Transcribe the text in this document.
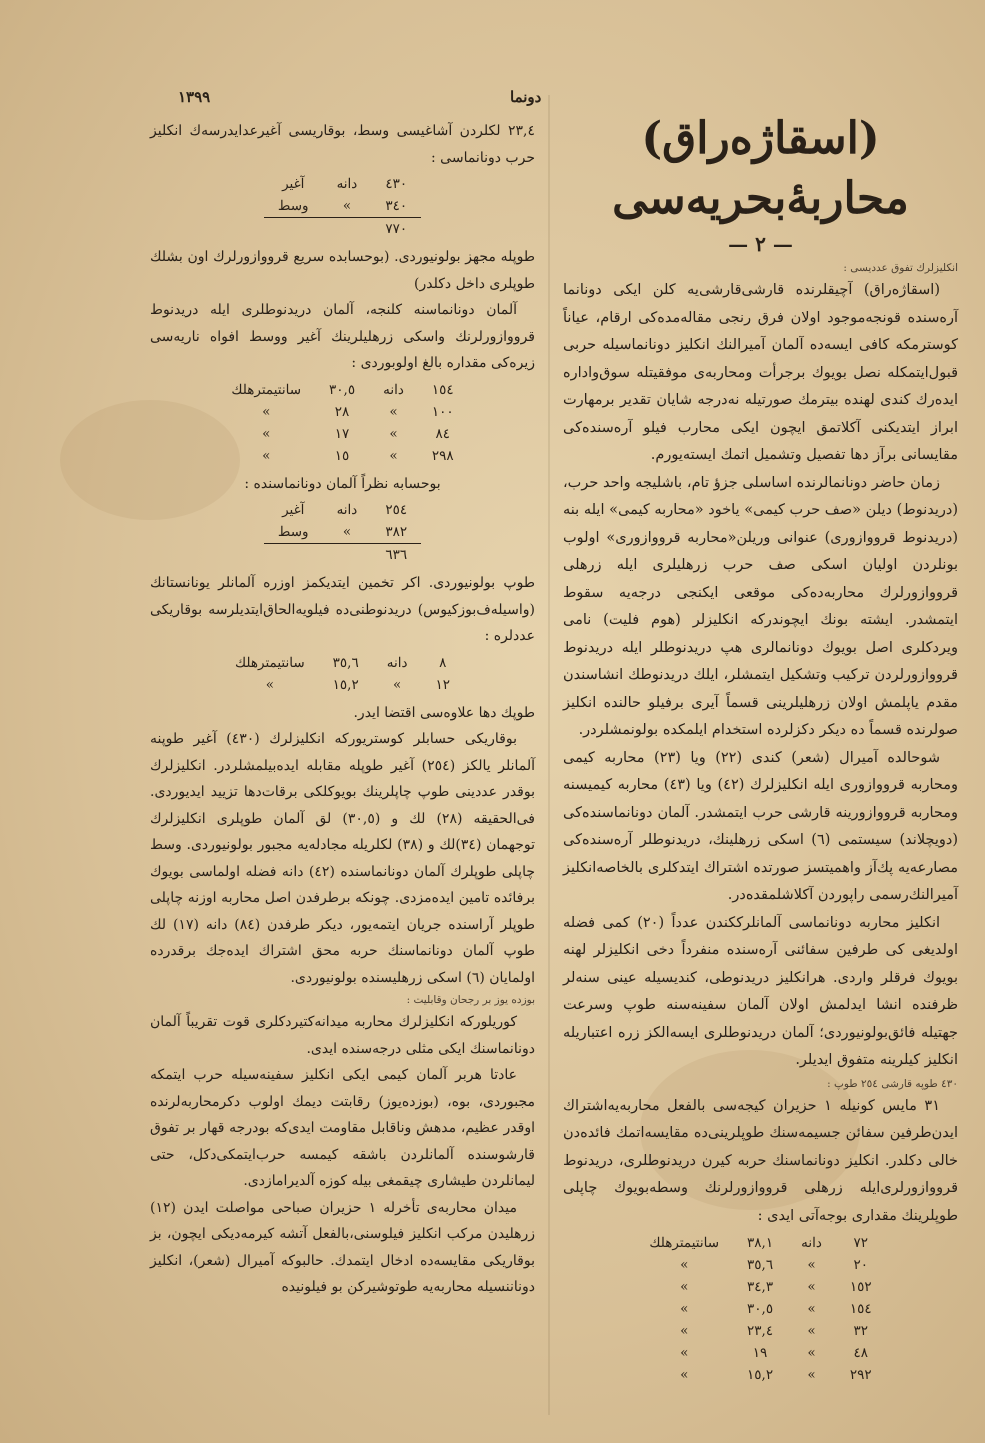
١٣٩٩	دونما
(اسقاژه‌راق) محاربۀبحریه‌سی
— ٢ —
انکلیزلرك تفوق عددیسی :

(اسقاژه‌راق) آچیقلرنده قارشی‌قارشی‌یه کلن ایکی دونانما آره‌سنده قونجه‌موجود اولان فرق رنجی مقاله‌مده‌کی ارقام، عیاناً کوسترمکه کافی ایسه‌ده آلمان آمیرالنك انکلیز دونانماسیله حربی قبول‌ایتمکله نصل بویوك برجرأت ومحاربه‌ی موفقیتله سوق‌واداره ایده‌رك کندی لهنده بیترمك صورتیله نه‌درجه شایان تقدیر برمهارت ابراز ایتدیکنی آکلاتمق ایچون ایکی محارب فیلو آره‌سنده‌کی مقایسانی برآز دها تفصیل وتشمیل اتمك ایسته‌یورم.

زمان حاضر دونانمالرنده اساسلی جزؤ تام، باشلیجه واحد حرب، (دریدنوط) دیلن «صف حرب کیمی» یاخود «محاربه کیمی» ایله بنه (دریدنوط قرووازوری) عنوانی وریلن«محاربه قرووازوری» اولوب بونلردن اولیان اسکی صف حرب زرهلیلری ایله زرهلی قرووازورلرك محاربه‌ده‌کی موقعی ایکنجی درجه‌یه سقوط ایتمشدر. ایشته بونك ایچوندرکه انکلیزلر (هوم فلیت) نامی ویردکلری اصل بویوك دونانمالری هپ دریدنوطلر ایله دریدنوط قرووازورلردن ترکیب وتشکیل ایتمشلر، ایلك دریدنوطك انشاسندن مقدم یاپلمش اولان زرهلیلرینی قسماً آیری برفیلو حالنده انکلیز صولرنده قسماً ده دیکر دکزلرده استخدام ایلمکده بولونمشلردر.

شوحالده آمیرال (شعر) کندی (٢٢) ویا (٢٣) محاربه کیمی ومحاربه قرووازوری ایله انکلیزلرك (٤٢) ویا (٤٣) محاربه کیمیسنه ومحاربه قرووازورینه قارشی حرب ایتمشدر. آلمان دونانماسنده‌کی (دویچلاند) سیستمی (٦) اسکی زرهلینك، دریدنوطلر آره‌سنده‌کی مصارعه‌یه پك‌آز واهمیتسز صورتده اشتراك ایتدکلری بالخاصه‌انکلیز آمیرالنك‌رسمی راپوردن آکلاشلمقده‌در.

انکلیز محاربه دونانماسی آلمانلرککندن عدداً (٢٠) کمی فضله اولدیغی کی طرفین سفائنی آره‌سنده منفرداً دخی انکلیزلر لهنه بویوك فرقلر واردی. هرانکلیز دریدنوطی، کندیسیله عینی سنه‌لر ظرفنده انشا ایدلمش اولان آلمان سفینه‌سنه طوپ وسرعت جهتیله فائق‌بولونیوردی؛ آلمان دریدنوطلری ایسه‌الکز زره اعتباریله انکلیز کیلرینه متفوق ایدیلر.

٤٣٠ طوپه قارشی ٢٥٤ طوپ :

٣١ مایس کونیله ١ حزیران کیجه‌سی بالفعل محاربه‌یه‌اشتراك ایدن‌طرفین سفائن جسیمه‌سنك طوپلرینی‌ده مقایسه‌اتمك فائده‌دن خالی دکلدر. انکلیز دونانماسنك حربه کیرن دریدنوطلری، دریدنوط قرووازورلری‌ایله زرهلی قرووازورلرنك وسطه‌بویوك چاپلی طوپلرینك مقداری بوجه‌آتی ایدی :

٧٢	دانه	٣٨,١	سانتیمترهلك
٢٠	»	٣٥,٦	»
١٥٢	»	٣٤,٣	»
١٥٤	»	٣٠,٥	»
٣٢	»	٢٣,٤	»
٤٨	»	١٩	»
٢٩٢	»	١٥,٢	»

٢٣,٤ لکلردن آشاغیسی وسط، بوقاریسی آغیرعدایدرسه‌ك انکلیز حرب دونانماسی :

٤٣٠	دانه	آغیر
٣٤٠	»	وسط
٧٧٠		

طوپله مجهز بولونیوردی. (بوحسابده سریع قرووازورلرك اون بشلك طوپلری داخل دکلدر)

آلمان دونانماسنه کلنجه، آلمان دریدنوطلری ایله دریدنوط قرووازورلرنك واسکی زرهلیلرینك آغیر ووسط افواه ناریه‌سی زیره‌کی مقداره بالغ اولوبوردی :

١٥٤	دانه	٣٠,٥	سانتیمترهلك
١٠٠	»	٢٨	»
٨٤	»	١٧	»
٢٩٨	»	١٥	»

بوحسابه نظراً آلمان دونانماسنده :

٢٥٤	دانه	آغیر
٣٨٢	»	وسط
٦٣٦		

طوپ بولونیوردی. اکر تخمین ایتدیکمز اوزره آلمانلر یونانستانك (واسیله‌ف‌بوزکیوس) دریدنوطنی‌ده فیلویه‌الحاق‌ایتدیلرسه بوقاریکی عددلره :

٨	دانه	٣٥,٦	سانتیمترهلك
١٢	»	١٥,٢	»

طوپك دها علاوه‌سی اقتضا ایدر.

بوقاریکی حسابلر کوستریورکه انکلیزلرك (٤٣٠) آغیر طوپنه آلمانلر یالکز (٢٥٤) آغیر طوپله مقابله ایده‌بیلمشلردر. انکلیزلرك بوقدر عددینی طوپ چاپلرینك بویوکلکی برقات‌دها تزیید ایدیوردی. فی‌الحقیقه (٢٨) لك و (٣٠,٥) لق آلمان طوپلری انکلیزلرك توجهمان (٣٤)لك و (٣٨) لکلریله مجادله‌یه مجبور بولونیوردی. وسط چاپلی طوپلرك آلمان دونانماسنده (٤٢) دانه فضله اولماسی بویوك برفائده تامین ایده‌مزدی. چونکه برطرفدن اصل محاربه اوزنه چاپلی طوپلر آراسنده جریان ایتمه‌یور، دیکر طرفدن (٨٤) دانه (١٧) لك طوپ آلمان دونانماسنك حربه محق اشتراك ایده‌جك برقدرده اولمایان (٦) اسکی زرهلیسنده بولونیوردی.

بوزده یوز بر رجحان وقابلیت :

کوریلورکه انکلیزلرك محاربه میدانه‌کتیردکلری قوت تقریباً آلمان دونانماسنك ایکی مثلی درجه‌سنده ایدی.

عادتا هربر آلمان کیمی ایکی انکلیز سفینه‌سیله حرب ایتمکه مجبوردی، بوه، (بوزده‌یوز) رقابتت دیمك اولوب دکرمحاربه‌لرنده اوقدر عظیم، مدهش وناقابل مقاومت ایدی‌که بودرجه قهار بر تفوق قارشوسنده آلمانلردن باشقه کیمسه حرب‌ایتمکی‌دکل، حتی لیمانلردن طیشاری چیقمغی بیله کوزه آلدیرامازدی.

میدان محاربه‌ی تأخرله ١ حزیران صباحی مواصلت ایدن (١٢) زرهلیدن مرکب انکلیز فیلوسنی،بالفعل آتشه کیرمه‌دیکی ایچون، بز بوقاریکی مقایسه‌ده ادخال ایتمدك. حالبوکه آمیرال (شعر)، انکلیز دوناننسیله محاربه‌یه طوتوشیرکن بو فیلونیده
